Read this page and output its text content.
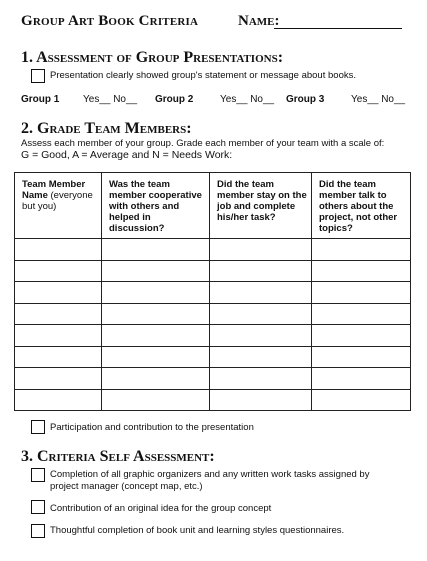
Group Art Book Criteria	Name:
1. Assessment of Group Presentations:
Presentation clearly showed group's statement or message about books.
Group 1 Yes__ No__ Group 2	Yes__ No__ Group 3	Yes__ No__
2. Grade Team Members:
Assess each member of your group. Grade each member of your team with a scale of:
G = Good, A = Average and N = Needs Work:
Team Member Name (everyone but you)	Was the team member cooperative with others and helped in discussion?	Did the team member stay on the job and complete his/her task?	Did the team member talk to others about the project, not other topics?

Participation and contribution to the presentation
3. Criteria Self Assessment:
Completion of all graphic organizers and any written work tasks assigned by project manager (concept map, etc.)
Contribution of an original idea for the group concept
Thoughtful completion of book unit and learning styles questionnaires.
